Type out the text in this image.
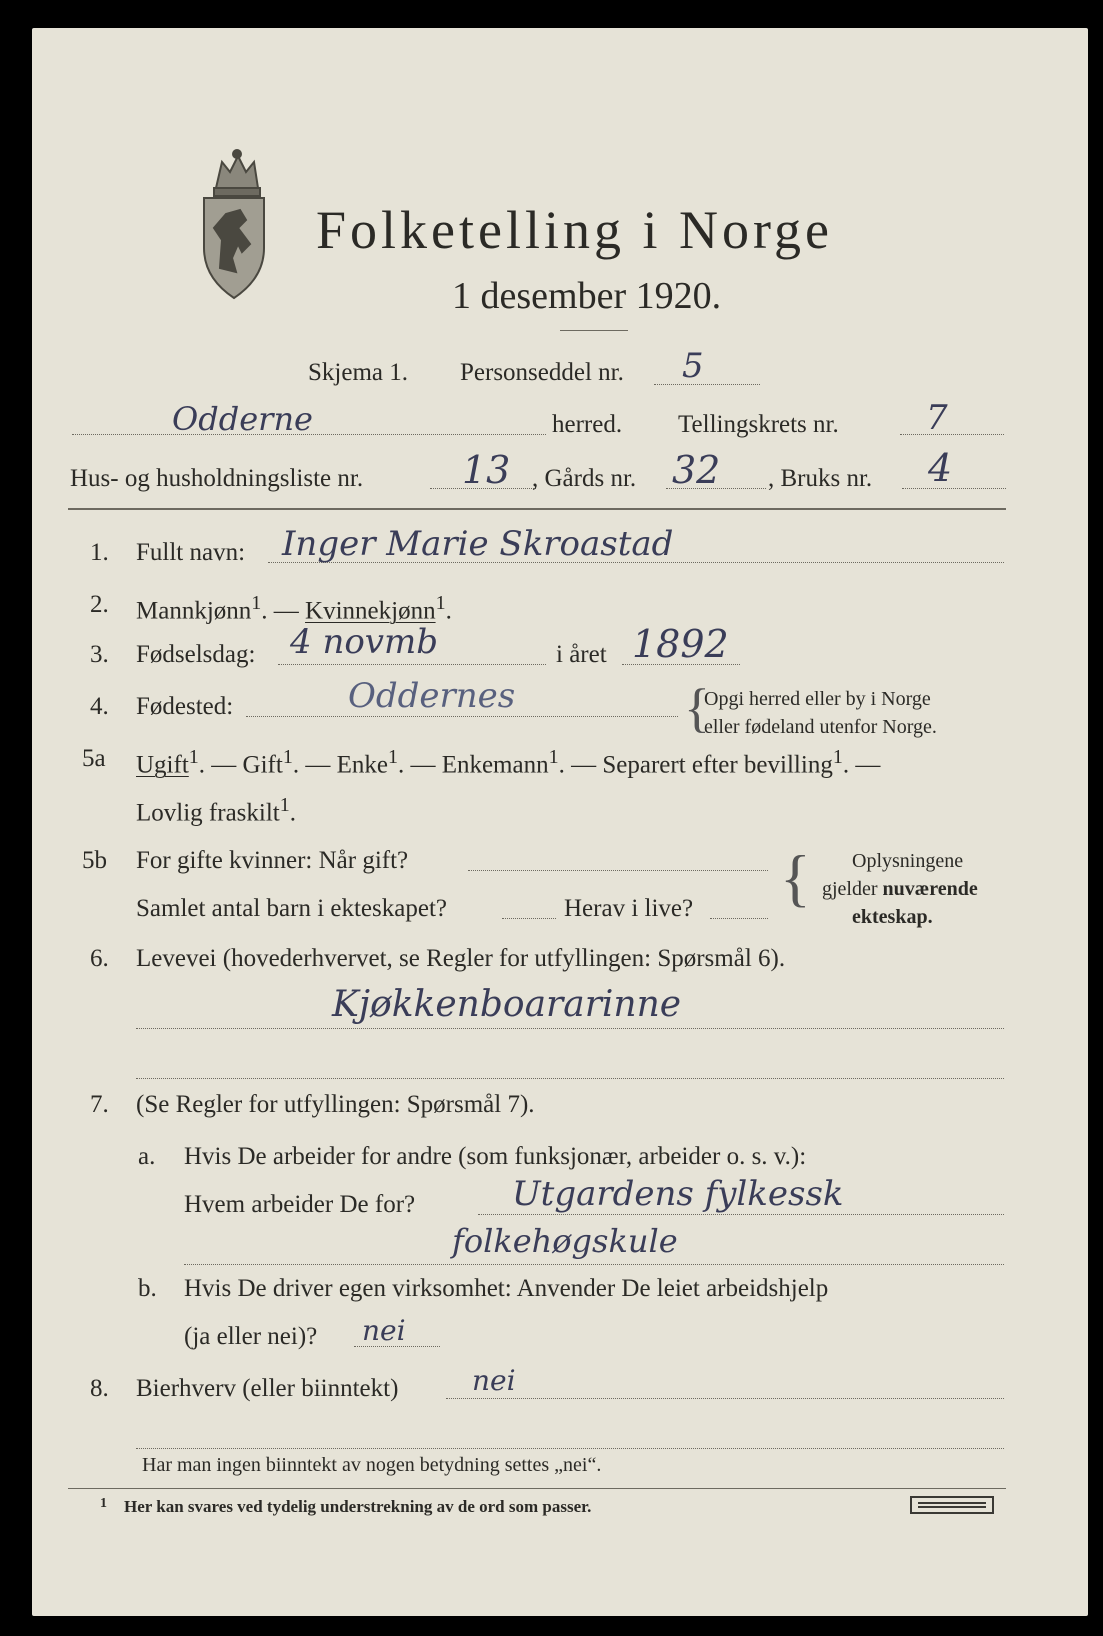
Folketelling i Norge
1 desember 1920.
Skjema 1. Personseddel nr. 5
Odderne	herred. Tellingskrets nr.	7
Hus- og husholdningsliste nr.	13 , Gårds nr. 32 , Bruks nr. 4
1. Fullt navn: Inger Marie Skroastad
2. Mannkjønn$^1$. — Kvinnekjønn$^1$.
3. Fødselsdag: 4 novmb	i året 1892
4. Fødested:	Oddernes	{
Opgi herred eller by i Norge
eller fødeland utenfor Norge.
5a Ugift$^1$. — Gift$^1$. — Enke$^1$. — Enkemann$^1$. — Separert efter bevilling$^1$. —
Lovlig fraskilt$^1$.
5b For gifte kvinner: Når gift?
Samlet antal barn i ekteskapet?	Herav i live? { Oplysningene
gjelder nuværende
ekteskap.
6. Levevei (hovederhvervet, se Regler for utfyllingen: Spørsmål 6).
Kjøkkenboararinne
7. (Se Regler for utfyllingen: Spørsmål 7).
a. Hvis De arbeider for andre (som funksjonær, arbeider o. s. v.):
Hvem arbeider De for?	Utgardens fylkessk
folkehøgskule
b. Hvis De driver egen virksomhet: Anvender De leiet arbeidshjelp
(ja eller nei)? nei
8. Bierhverv (eller biinntekt)	nei
Har man ingen biinntekt av nogen betydning settes „nei“.
1 Her kan svares ved tydelig understrekning av de ord som passer.
